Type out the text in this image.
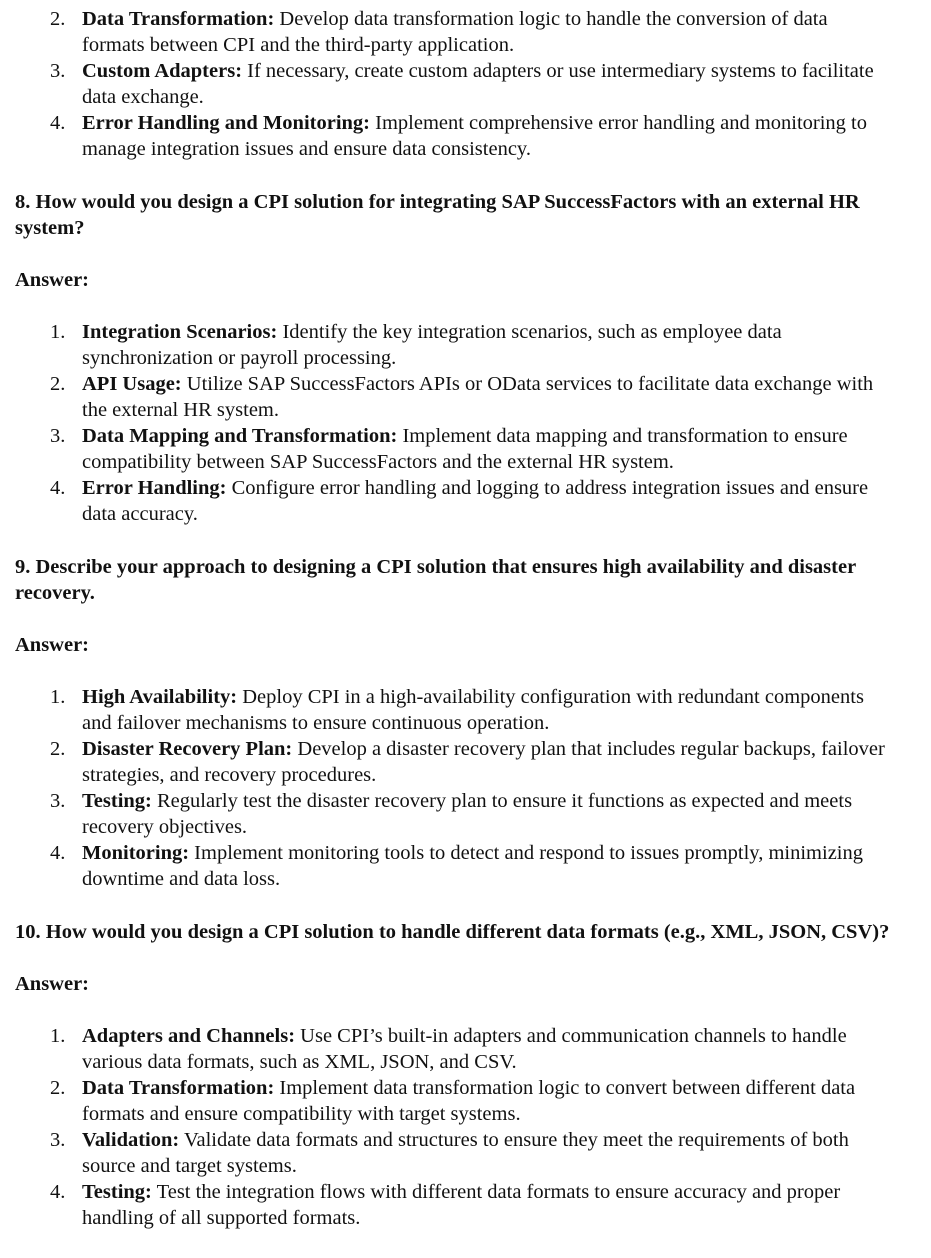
2. Data Transformation: Develop data transformation logic to handle the conversion of data formats between CPI and the third-party application.
3. Custom Adapters: If necessary, create custom adapters or use intermediary systems to facilitate data exchange.
4. Error Handling and Monitoring: Implement comprehensive error handling and monitoring to manage integration issues and ensure data consistency.
8. How would you design a CPI solution for integrating SAP SuccessFactors with an external HR system?
Answer:
1. Integration Scenarios: Identify the key integration scenarios, such as employee data synchronization or payroll processing.
2. API Usage: Utilize SAP SuccessFactors APIs or OData services to facilitate data exchange with the external HR system.
3. Data Mapping and Transformation: Implement data mapping and transformation to ensure compatibility between SAP SuccessFactors and the external HR system.
4. Error Handling: Configure error handling and logging to address integration issues and ensure data accuracy.
9. Describe your approach to designing a CPI solution that ensures high availability and disaster recovery.
Answer:
1. High Availability: Deploy CPI in a high-availability configuration with redundant components and failover mechanisms to ensure continuous operation.
2. Disaster Recovery Plan: Develop a disaster recovery plan that includes regular backups, failover strategies, and recovery procedures.
3. Testing: Regularly test the disaster recovery plan to ensure it functions as expected and meets recovery objectives.
4. Monitoring: Implement monitoring tools to detect and respond to issues promptly, minimizing downtime and data loss.
10. How would you design a CPI solution to handle different data formats (e.g., XML, JSON, CSV)?
Answer:
1. Adapters and Channels: Use CPI’s built-in adapters and communication channels to handle various data formats, such as XML, JSON, and CSV.
2. Data Transformation: Implement data transformation logic to convert between different data formats and ensure compatibility with target systems.
3. Validation: Validate data formats and structures to ensure they meet the requirements of both source and target systems.
4. Testing: Test the integration flows with different data formats to ensure accuracy and proper handling of all supported formats.
